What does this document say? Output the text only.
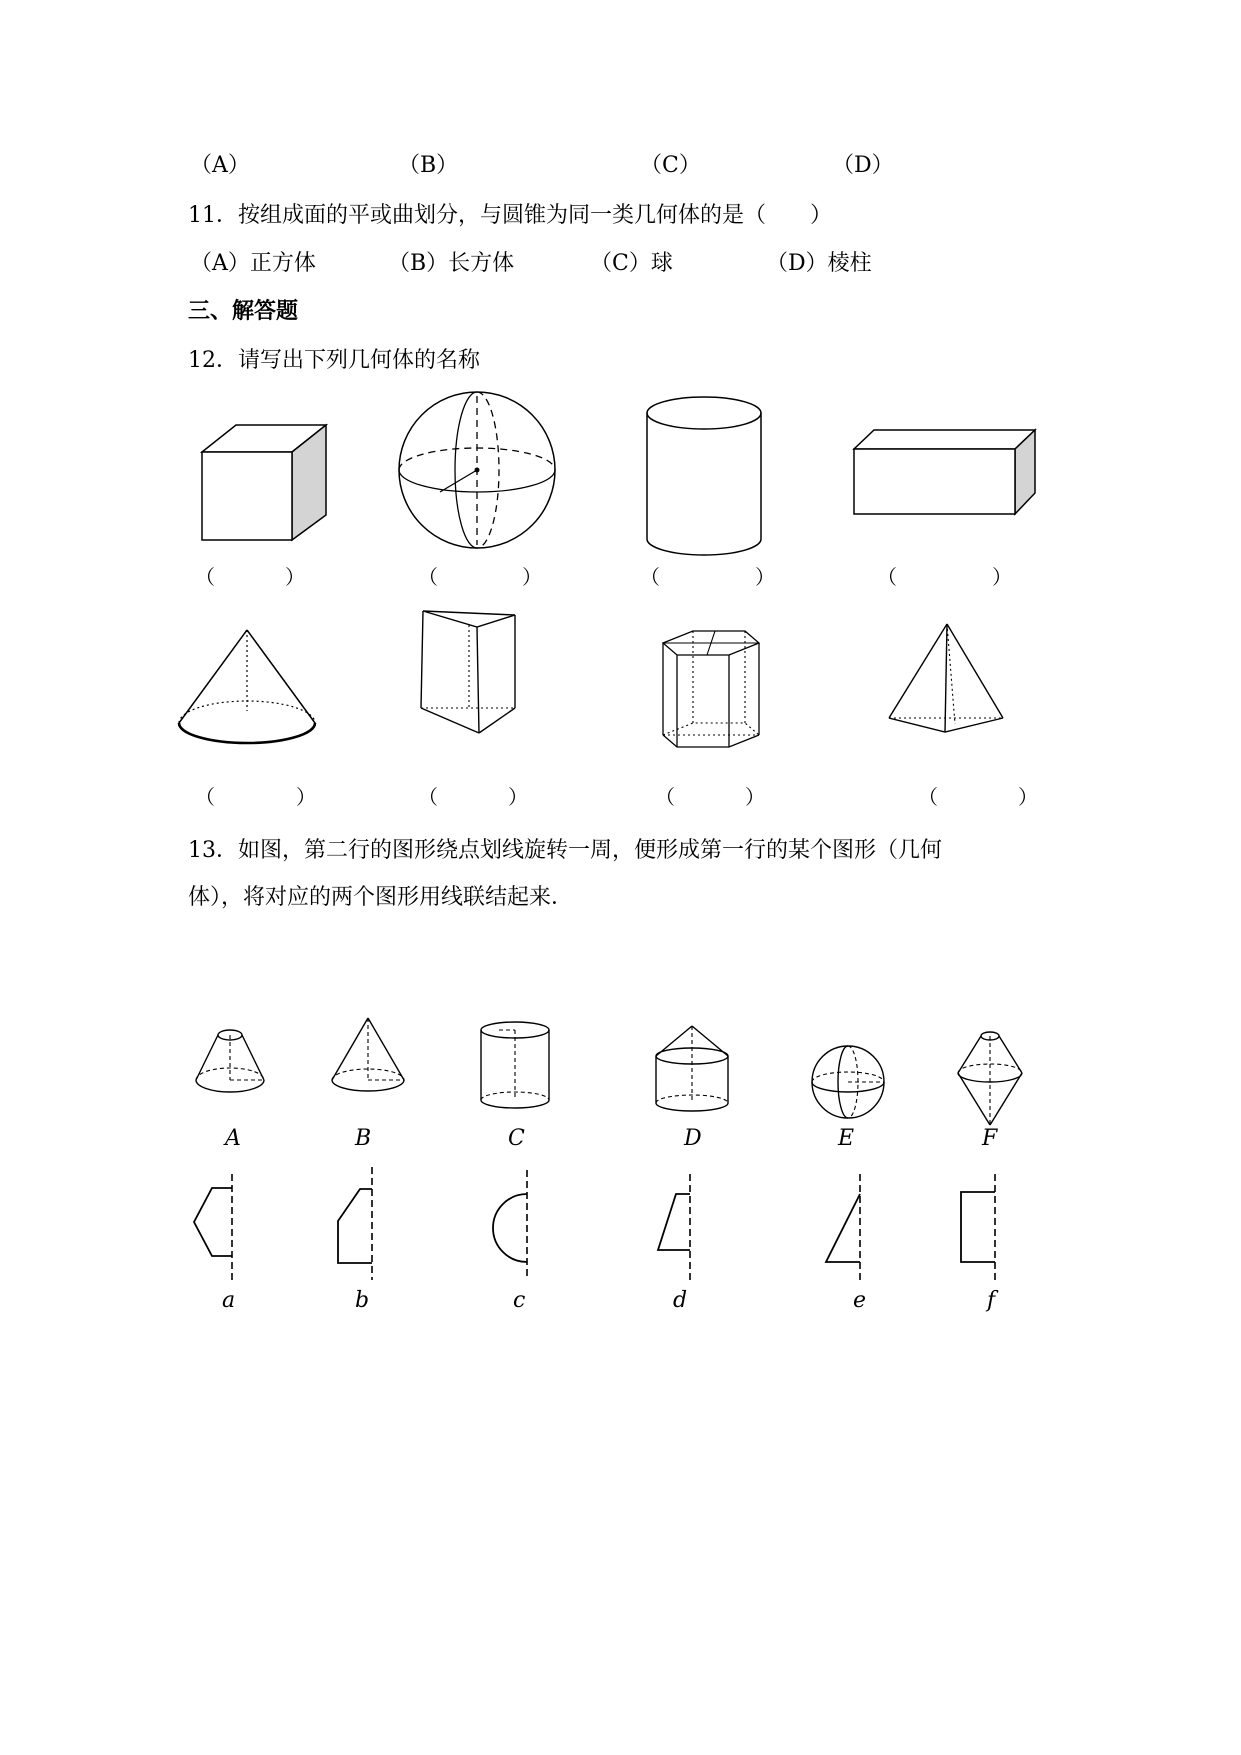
（A）	（B）	（C）	（D）
11．按组成面的平或曲划分，与圆锥为同一类几何体的是（　　）
（A）正方体	（B）长方体	（C）球	（D）棱柱
三、解答题
12．请写出下列几何体的名称
（	）	（	）	（	）	（	）
（	）	（	）	（	）	（	）
13．如图，第二行的图形绕点划线旋转一周，便形成第一行的某个图形（几何
体），将对应的两个图形用线联结起来．
A	B	C	D	E	F
a	b	c	d	e	f
